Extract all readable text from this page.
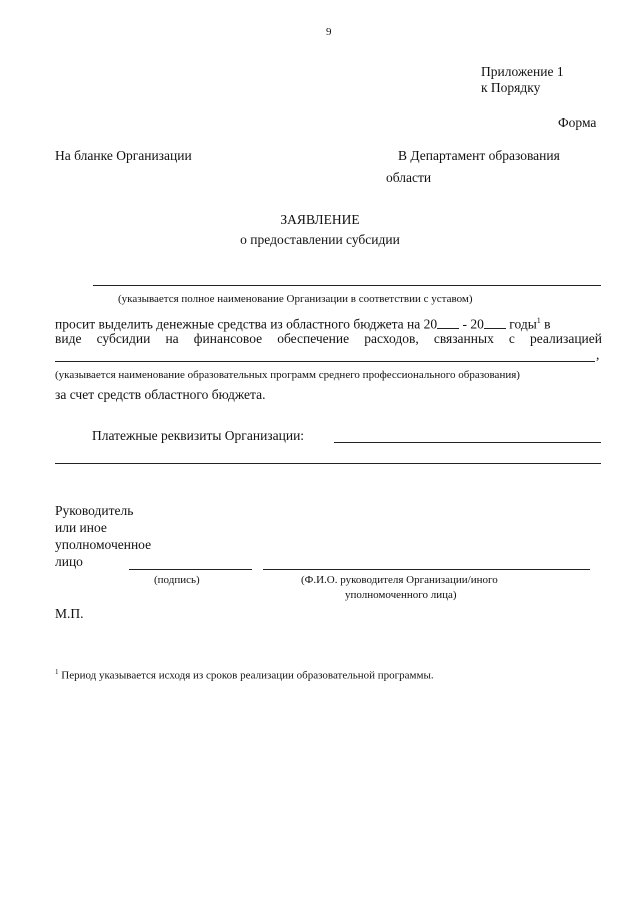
9
Приложение 1
к Порядку
Форма
На бланке Организации	В Департамент образования
области
ЗАЯВЛЕНИЕ
о предоставлении субсидии
(указывается полное наименование Организации в соответствии с уставом)
просит выделить денежные средства из областного бюджета на 20 - 20 годы$^1$ в
виде субсидии на финансовое обеспечение расходов, связанных с реализацией
,
(указывается наименование образовательных программ среднего профессионального образования)
за счет средств областного бюджета.
Платежные реквизиты Организации:
Руководитель
или иное
уполномоченное
лицо
(подпись)	(Ф.И.О. руководителя Организации/иного
уполномоченного лица)
М.П.
$^1$ Период указывается исходя из сроков реализации образовательной программы.
